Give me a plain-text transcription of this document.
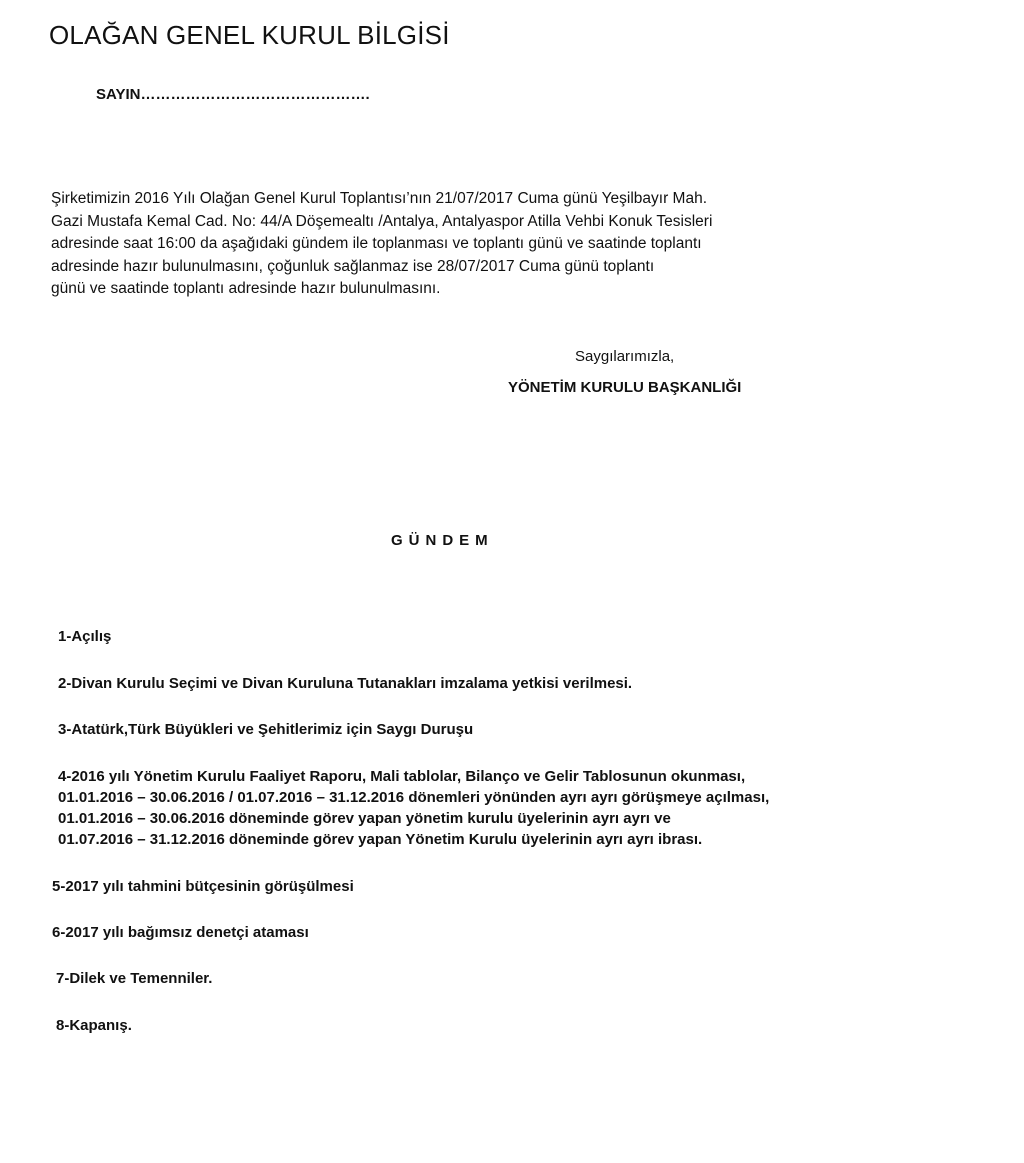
OLAĞAN GENEL KURUL BİLGİSİ
SAYIN……………………………………….
Şirketimizin 2016 Yılı Olağan Genel Kurul Toplantısı’nın 21/07/2017 Cuma günü Yeşilbayır Mah.
Gazi Mustafa Kemal Cad. No: 44/A Döşemealtı /Antalya, Antalyaspor Atilla Vehbi Konuk Tesisleri
adresinde saat 16:00 da aşağıdaki gündem ile toplanması ve toplantı günü ve saatinde toplantı
adresinde hazır bulunulmasını, çoğunluk sağlanmaz ise 28/07/2017 Cuma günü toplantı
günü ve saatinde toplantı adresinde hazır bulunulmasını.
Saygılarımızla,
YÖNETİM KURULU BAŞKANLIĞI
GÜNDEM
1-Açılış
2-Divan Kurulu Seçimi ve Divan Kuruluna Tutanakları imzalama yetkisi verilmesi.
3-Atatürk,Türk Büyükleri ve Şehitlerimiz için Saygı Duruşu
4-2016 yılı Yönetim Kurulu Faaliyet Raporu, Mali tablolar, Bilanço ve Gelir Tablosunun okunması,
01.01.2016 – 30.06.2016 / 01.07.2016 – 31.12.2016 dönemleri yönünden ayrı ayrı görüşmeye açılması,
01.01.2016 – 30.06.2016 döneminde görev yapan yönetim kurulu üyelerinin ayrı ayrı ve
01.07.2016 – 31.12.2016 döneminde görev yapan Yönetim Kurulu üyelerinin ayrı ayrı ibrası.
5-2017 yılı tahmini bütçesinin görüşülmesi
6-2017 yılı bağımsız denetçi ataması
7-Dilek ve Temenniler.
8-Kapanış.
